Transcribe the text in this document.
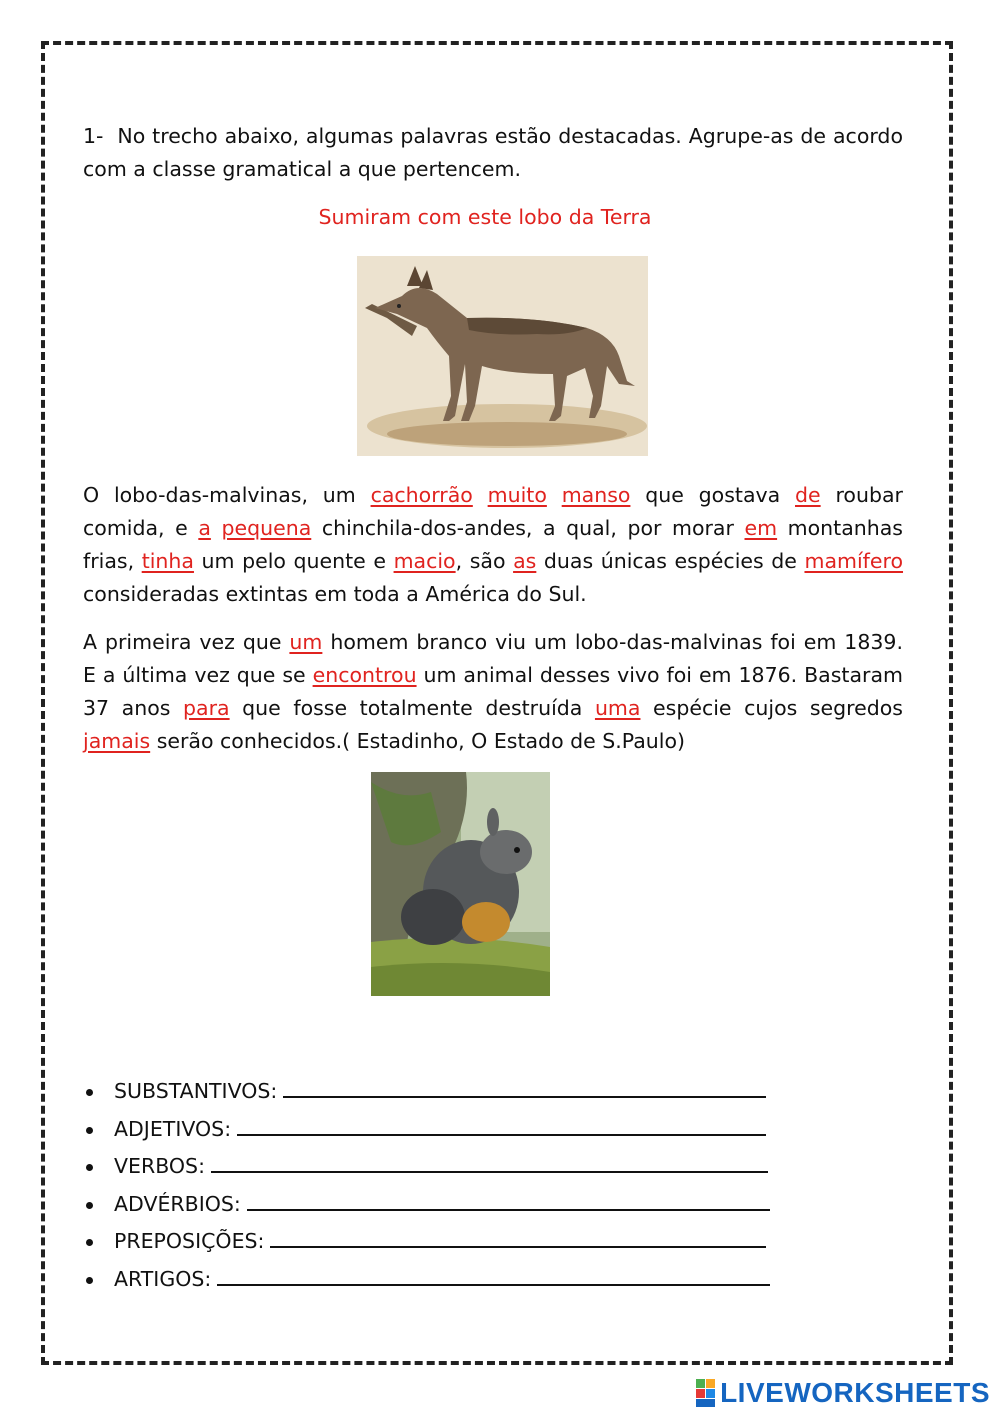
1- No trecho abaixo, algumas palavras estão destacadas. Agrupe-as de acordo com a classe gramatical a que pertencem.
Sumiram com este lobo da Terra
O lobo-das-malvinas, um cachorrão muito manso que gostava de roubar comida, e a pequena chinchila-dos-andes, a qual, por morar em montanhas frias, tinha um pelo quente e macio, são as duas únicas espécies de mamífero consideradas extintas em toda a América do Sul.
A primeira vez que um homem branco viu um lobo-das-malvinas foi em 1839. E a última vez que se encontrou um animal desses vivo foi em 1876. Bastaram 37 anos para que fosse totalmente destruída uma espécie cujos segredos jamais serão conhecidos.( Estadinho, O Estado de S.Paulo)
SUBSTANTIVOS:
ADJETIVOS:
VERBOS:
ADVÉRBIOS:
PREPOSIÇÕES:
ARTIGOS:
LIVEWORKSHEETS
